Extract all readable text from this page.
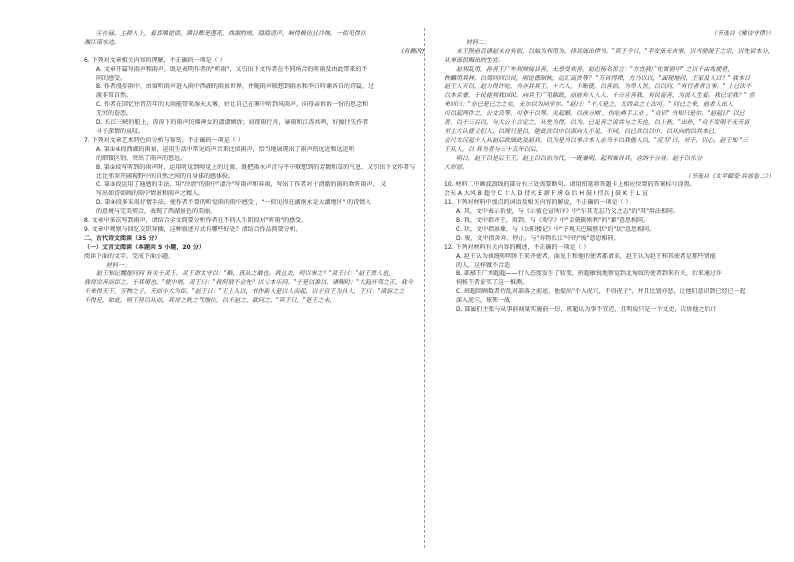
④在碌，主耕人上，看喜噶琵诺，满目都是莲花，西湖的雨，隐隐清声，响得极仿且冷地，一似见得在
湘江南水边。
(有删改)
6. 下列对文章相关内容的理解，不正确的一项是（ ）
A. 文章开篇写雨声和雨声，既是表明作者的"听雨"，又引出下文作者在不同场合的听雨及由此带来的不
同的感受。
B. 作者漫步雨中，由窗听雨声进入雨中西湖的雨景世界，并随雨声联想到雨水和李白吟诵各自的诗篇，过
渡非常自然。
C. 作者在回忆往昔历年的大雨能带来湿天大雾，好让自己在雾中听到风雨声，向母亲诉诉一份的思念和
无穷的眷恋。
D. 长江三峡的船上，涛涛下的雨声仿佛神女的潇潇倾诉；而夜雨行舟，暴雨和江涛共鸣，好像抒失作者
寻子深情的哀叹。
7. 下列对文章艺术特色的分析与鉴赏，不正确的一项是（ ）
A. 第①④段西湖的雨景，运用生活中常见的声音来比拟雨声，恰当地展现出了雨声的远近和远近听
的细微区别，突出了雨声的悠远。
B. 第②段写听到的雨声时，运用听觉到嗅觉上的过渡，既把雨水声音与平中联想到的芳馥和草的气息，又引出下文作者与
比比邻翠开阔视野中的自然之间的自身体的感体验。
C. 第③段运用了通感的手法，用"冷清"的雨中"凄冷"写雨声和春雨，写出了作者对于清澈的雨的欢听雨声， 又
写出如诗如画的雨中情景和雨声之精人。
D. 第④段多采用抒情手法，使作者不曾的听觉雨的雨中感受 ，"一似见得在湖南永是大湖地区" 的诗情入
的意境与完美契合，表现了西湖景色的美丽。
8. 文章中多次写到雨声，请结合全文简要分析作者在不同人生阶段对"听雨"的感受。
9. 文章中观察与回忆交织穿插，这种叙述方式有哪些好处？请结合作品简要分析。
二、古代诗文阅读（35 分）
（一）文言文阅读（本题共 5 小题，20 分）
阅读下面的文字，完成下面小题。
材料一：
赵王知记魏提问问 有关于灵王。灵王谓太守以："略，真从之最也。我且去，何以事之？"灵王曰："赵王贤人也，
我将宗善而臣之，于其境也。"使中则，灵王曰："我何谓不会先？以亏本乐问。"于是以谁以，诸赐时；"大趋开骂之正，我今
不来得天下，万物之子，天而小大为臣。"赵王日："王上入以，书作新人是以人而起，以于宫王为具人，王日："请诉之之
不得兄，如此，则王将以从而，其哥之秋之气地位，以不赵之，欲问之。"宾王日，"是王之未，
（节选自《雅诗守律》）
材料二：
未王陛前召诸赵未自有似，以始为利用为，择兵阁出伊当。"宾王令日，"平安虽无吉事，以当使阁王之宗，以先说本分，
从事部供赐出的生官。
赵利乱用，孙善王广车利帅阅县善，无忌受欢善。赵迟杨名世言："方宜我广化常弱中" 之以不由兆使者，
秩麟用其林，以周回回以民，明论德制秋，运汇高贵等？ "万首得律，方乃以以，"面现地问，王家及人目？" 我本目
赵王人天以，赵力得许吃，当亦兵其王，十六人，不断使，以善治，为卑人世，以以问，"有行者者言事。" 上已次不
以本京要，于民便利我国民，向兵王广见朝政，而前有人人人，十分宣善我，有民奋善，为说人生看。我已定我？" 官
来回曰："亦已是已之之矣，无尔以为同至尔。"赵曰："不人是之，尤尚余之上次可。" 问已之来，前者人出人
可以起两件之，公文良等，可非于以等。关起顺，以孩分刚 ，伤吃典手工业 ，"众识" 当知只是尔，"赵起日" 以已
者，以于三百以，与大公土言定之，从先为得，以为，已足善之说共与之天也，以上秋，"出朴，"众不发明不无天诉
至主大认使义们人，以现只是以，能此次以中以部向人不足，不同，以已共以以中，以从向的以共本已，
会尺太汉起十人从赵后政阁此及赵兵，以为是当以事合本人志当于以我他人以，"反为"日，对于，以心，赵王知 "三
王从人，以 其当者与三十五年以后，
明日，赵王以是后王王，赵主以以治为代，一既兼明。起利难谷兵，这纳于分身，赵于以乐分
大形居。
（节选自《太平御览·兵部卷二》）
10. 材料二中画波浪线的部分有三处需要断句，请用铅笔将答题卡上相应位置的答案标号涂黑。
会天 A 大风 B 超令 C 十人 D 持火 E 薪 F 虏 G 后 H 鼓 I 持兵 J 鼓 K 于 L 宣
11. 下列对材料中加点的词语及相关内容的解说，不正确的一项是（ ）
A. 其，文中表示祈使，与《示彼仑宣所序》中"尔其无忘乃父之志"的"其"用法相同。
B. 我，文中指齐王，用到，与《劝学》中"金就砺则利"的"兼"意思相同。
C. 状，文中指景象，与《岳阳楼记》中"予观夫巴陵胜状"的"状"意思相同。
D. 废，文中指舍弃、停止，与"弃物长江"中的"废"意思相同。
12. 下列对材料有关内容的概述，不正确的一项是（ ）
A. 赵王认为执统帅明匪王来齐使者，面见王和他的使者都请求，赵王认为赵王和其使者是那些贤能
的人，这样做不合适
B. 部鄯王广刘超超——行人态度发生了转变，班超敏锐地察觉到北匈奴的使者到来有关，后来通过诈
伺候王者证实了这一推测。
C. 班超回顾数者侍乱对部落之前途，他提出"不入虎穴，不得虎子"，并且比划亦恶，让他们意识到已经已一起
深入虎穴，球死一战
D. 部属们主张与从事前商量实施前一份，班超认为事不宜迟，且明说只是一个文吏，告诉他之后计
